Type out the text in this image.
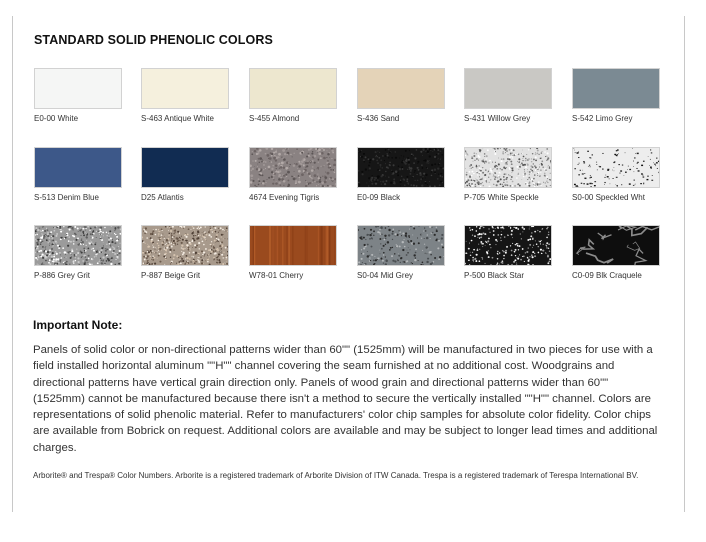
STANDARD SOLID PHENOLIC COLORS
E0-00 White	S-463 Antique White	S-455 Almond	S-436 Sand	S-431 Willow Grey	S-542 Limo Grey
S-513 Denim Blue	D25 Atlantis	4674 Evening Tigris	E0-09 Black	P-705 White Speckle	S0-00 Speckled Wht
P-886 Grey Grit	P-887 Beige Grit	W78-01 Cherry	S0-04 Mid Grey	P-500 Black Star	C0-09 Blk Craquele
Important Note:

Panels of solid color or non-directional patterns wider than 60"" (1525mm) will be manufactured in two pieces for use with a field installed horizontal aluminum ""H"" channel covering the seam furnished at no additional cost. Woodgrains and directional patterns have vertical grain direction only. Panels of wood grain and directional patterns wider than 60"" (1525mm) cannot be manufactured because there isn't a method to secure the vertically installed ""H"" channel. Colors are representations of solid phenolic material. Refer to manufacturers' color chip samples for absolute color fidelity. Color chips are available from Bobrick on request. Additional colors are available and may be subject to longer lead times and additional charges.

Arborite® and Trespa® Color Numbers. Arborite is a registered trademark of Arborite Division of ITW Canada. Trespa is a registered trademark of Terespa International BV.
